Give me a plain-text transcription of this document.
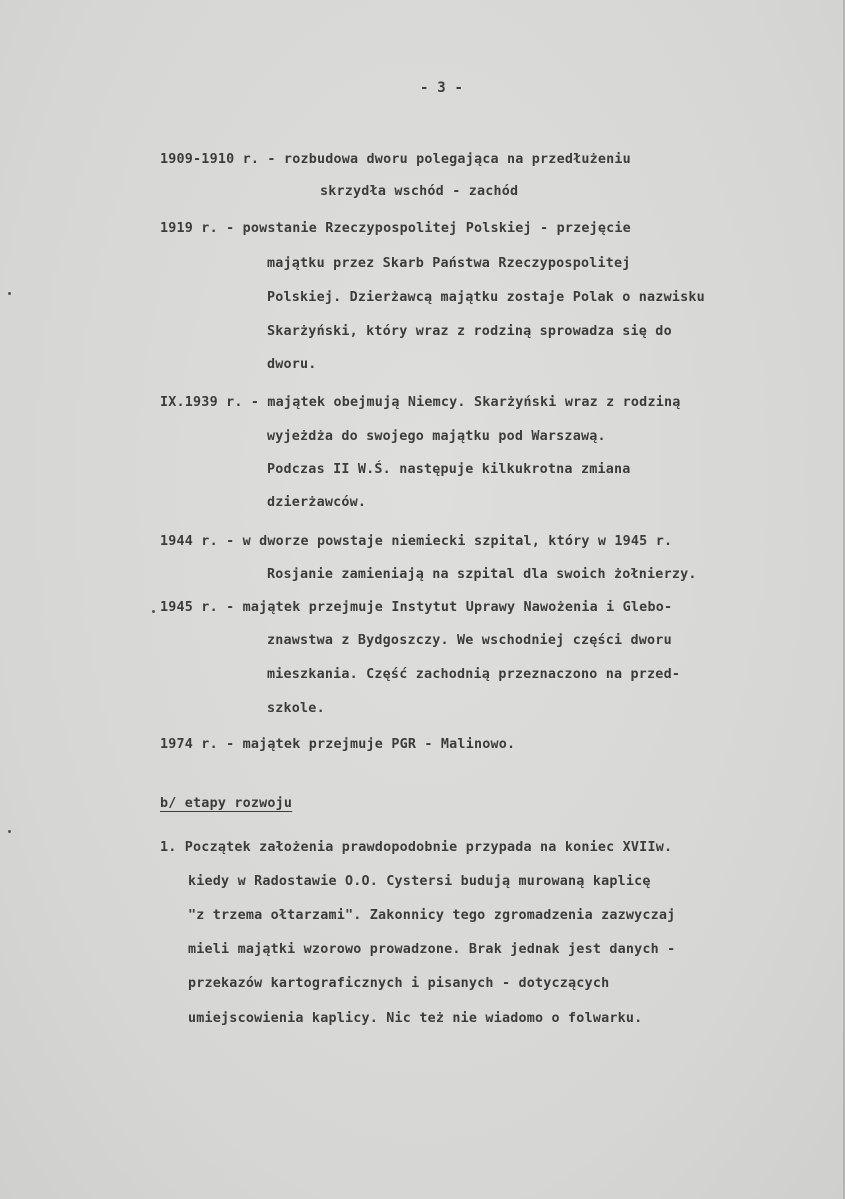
- 3 -
1909-1910 r. - rozbudowa dworu polegająca na przedłużeniu
skrzydła wschód - zachód
1919 r. - powstanie Rzeczypospolitej Polskiej - przejęcie
majątku przez Skarb Państwa Rzeczypospolitej
Polskiej. Dzierżawcą majątku zostaje Polak o nazwisku
Skarżyński, który wraz z rodziną sprowadza się do
dworu.
IX.1939 r. - majątek obejmują Niemcy. Skarżyński wraz z rodziną
wyjeżdża do swojego majątku pod Warszawą.
Podczas II W.Ś. następuje kilkukrotna zmiana
dzierżawców.
1944 r. - w dworze powstaje niemiecki szpital, który w 1945 r.
Rosjanie zamieniają na szpital dla swoich żołnierzy.
1945 r. - majątek przejmuje Instytut Uprawy Nawożenia i Glebo-
znawstwa z Bydgoszczy. We wschodniej części dworu
mieszkania. Część zachodnią przeznaczono na przed-
szkole.
1974 r. - majątek przejmuje PGR - Malinowo.
b/ etapy rozwoju
1. Początek założenia prawdopodobnie przypada na koniec XVIIw.
kiedy w Radostawie O.O. Cystersi budują murowaną kaplicę
"z trzema ołtarzami". Zakonnicy tego zgromadzenia zazwyczaj
mieli majątki wzorowo prowadzone. Brak jednak jest danych -
przekazów kartograficznych i pisanych - dotyczących
umiejscowienia kaplicy. Nic też nie wiadomo o folwarku.
